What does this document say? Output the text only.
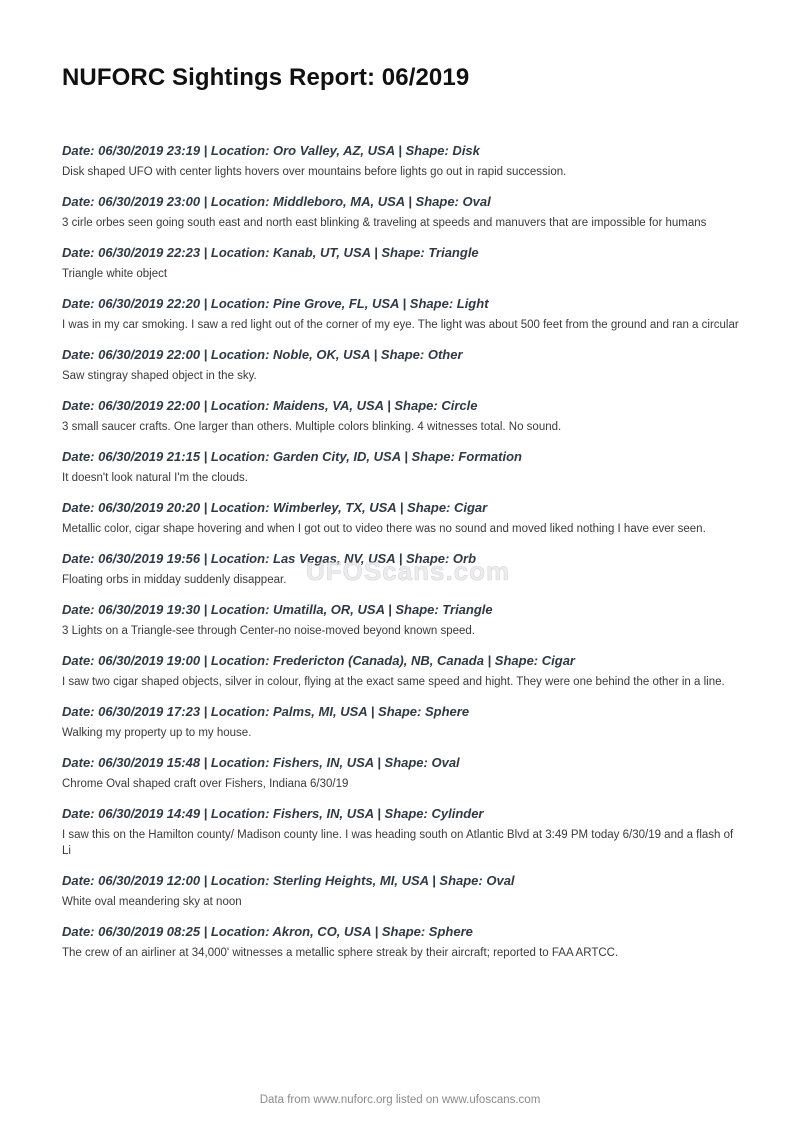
NUFORC Sightings Report: 06/2019
Date: 06/30/2019 23:19 | Location: Oro Valley, AZ, USA | Shape: Disk

Disk shaped UFO with center lights hovers over mountains before lights go out in rapid succession.

Date: 06/30/2019 23:00 | Location: Middleboro, MA, USA | Shape: Oval

3 cirle orbes seen going south east and north east blinking & traveling at speeds and manuvers that are impossible for humans

Date: 06/30/2019 22:23 | Location: Kanab, UT, USA | Shape: Triangle

Triangle white object

Date: 06/30/2019 22:20 | Location: Pine Grove, FL, USA | Shape: Light

I was in my car smoking. I saw a red light out of the corner of my eye. The light was about 500 feet from the ground and ran a circular

Date: 06/30/2019 22:00 | Location: Noble, OK, USA | Shape: Other

Saw stingray shaped object in the sky.

Date: 06/30/2019 22:00 | Location: Maidens, VA, USA | Shape: Circle

3 small saucer crafts. One larger than others. Multiple colors blinking. 4 witnesses total. No sound.

Date: 06/30/2019 21:15 | Location: Garden City, ID, USA | Shape: Formation

It doesn't look natural I'm the clouds.

Date: 06/30/2019 20:20 | Location: Wimberley, TX, USA | Shape: Cigar

Metallic color, cigar shape hovering and when I got out to video there was no sound and moved liked nothing I have ever seen.

Date: 06/30/2019 19:56 | Location: Las Vegas, NV, USA | Shape: Orb

Floating orbs in midday suddenly disappear.

Date: 06/30/2019 19:30 | Location: Umatilla, OR, USA | Shape: Triangle

3 Lights on a Triangle-see through Center-no noise-moved beyond known speed.

Date: 06/30/2019 19:00 | Location: Fredericton (Canada), NB, Canada | Shape: Cigar

I saw two cigar shaped objects, silver in colour, flying at the exact same speed and hight. They were one behind the other in a line.

Date: 06/30/2019 17:23 | Location: Palms, MI, USA | Shape: Sphere

Walking my property up to my house.

Date: 06/30/2019 15:48 | Location: Fishers, IN, USA | Shape: Oval

Chrome Oval shaped craft over Fishers, Indiana 6/30/19

Date: 06/30/2019 14:49 | Location: Fishers, IN, USA | Shape: Cylinder

I saw this on the Hamilton county/ Madison county line. I was heading south on Atlantic Blvd at 3:49 PM today 6/30/19 and a flash of Li

Date: 06/30/2019 12:00 | Location: Sterling Heights, MI, USA | Shape: Oval

White oval meandering sky at noon

Date: 06/30/2019 08:25 | Location: Akron, CO, USA | Shape: Sphere

The crew of an airliner at 34,000' witnesses a metallic sphere streak by their aircraft; reported to FAA ARTCC.

UFOScans.com
Data from www.nuforc.org listed on www.ufoscans.com
